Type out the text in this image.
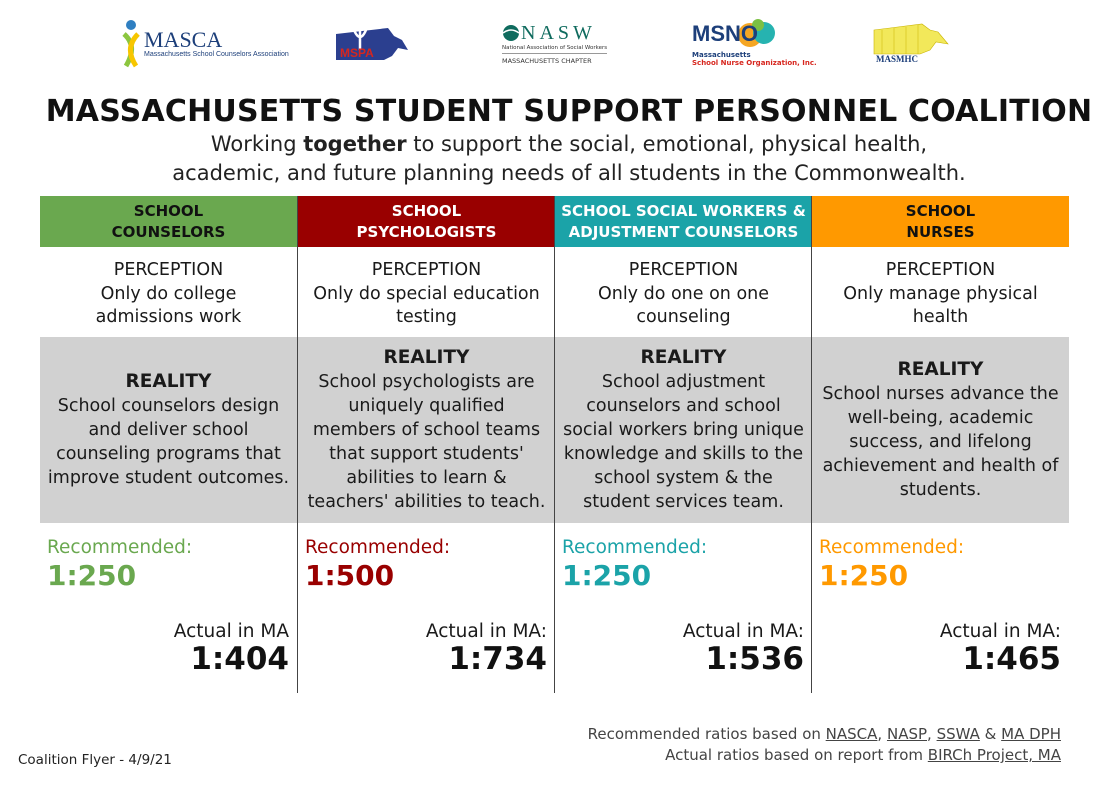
MASCA
Massachusetts School Counselors Association	MSPA
NASW
National Association of Social Workers
MASSACHUSETTS CHAPTER
MSNO
Massachusetts
School Nurse Organization, Inc.	MASMHC
MASSACHUSETTS STUDENT SUPPORT PERSONNEL COALITION
Working together to support the social, emotional, physical health,
academic, and future planning needs of all students in the Commonwealth.
SCHOOL
COUNSELORS
PERCEPTION
Only do college
admissions work
REALITY
School counselors design
and deliver school
counseling programs that
improve student outcomes.
Recommended:
1:250
Actual in MA
1:404
SCHOOL
PSYCHOLOGISTS
PERCEPTION
Only do special education
testing
REALITY
School psychologists are
uniquely qualified
members of school teams
that support students'
abilities to learn &
teachers' abilities to teach.
Recommended:
1:500
Actual in MA:
1:734
SCHOOL SOCIAL WORKERS &
ADJUSTMENT COUNSELORS
PERCEPTION
Only do one on one
counseling
REALITY
School adjustment
counselors and school
social workers bring unique
knowledge and skills to the
school system & the
student services team.
Recommended:
1:250
Actual in MA:
1:536
SCHOOL
NURSES
PERCEPTION
Only manage physical
health
REALITY
School nurses advance the
well-being, academic
success, and lifelong
achievement and health of
students.
Recommended:
1:250
Actual in MA:
1:465
Coalition Flyer - 4/9/21
Recommended ratios based on NASCA, NASP, SSWA & MA DPH
Actual ratios based on report from BIRCh Project, MA
